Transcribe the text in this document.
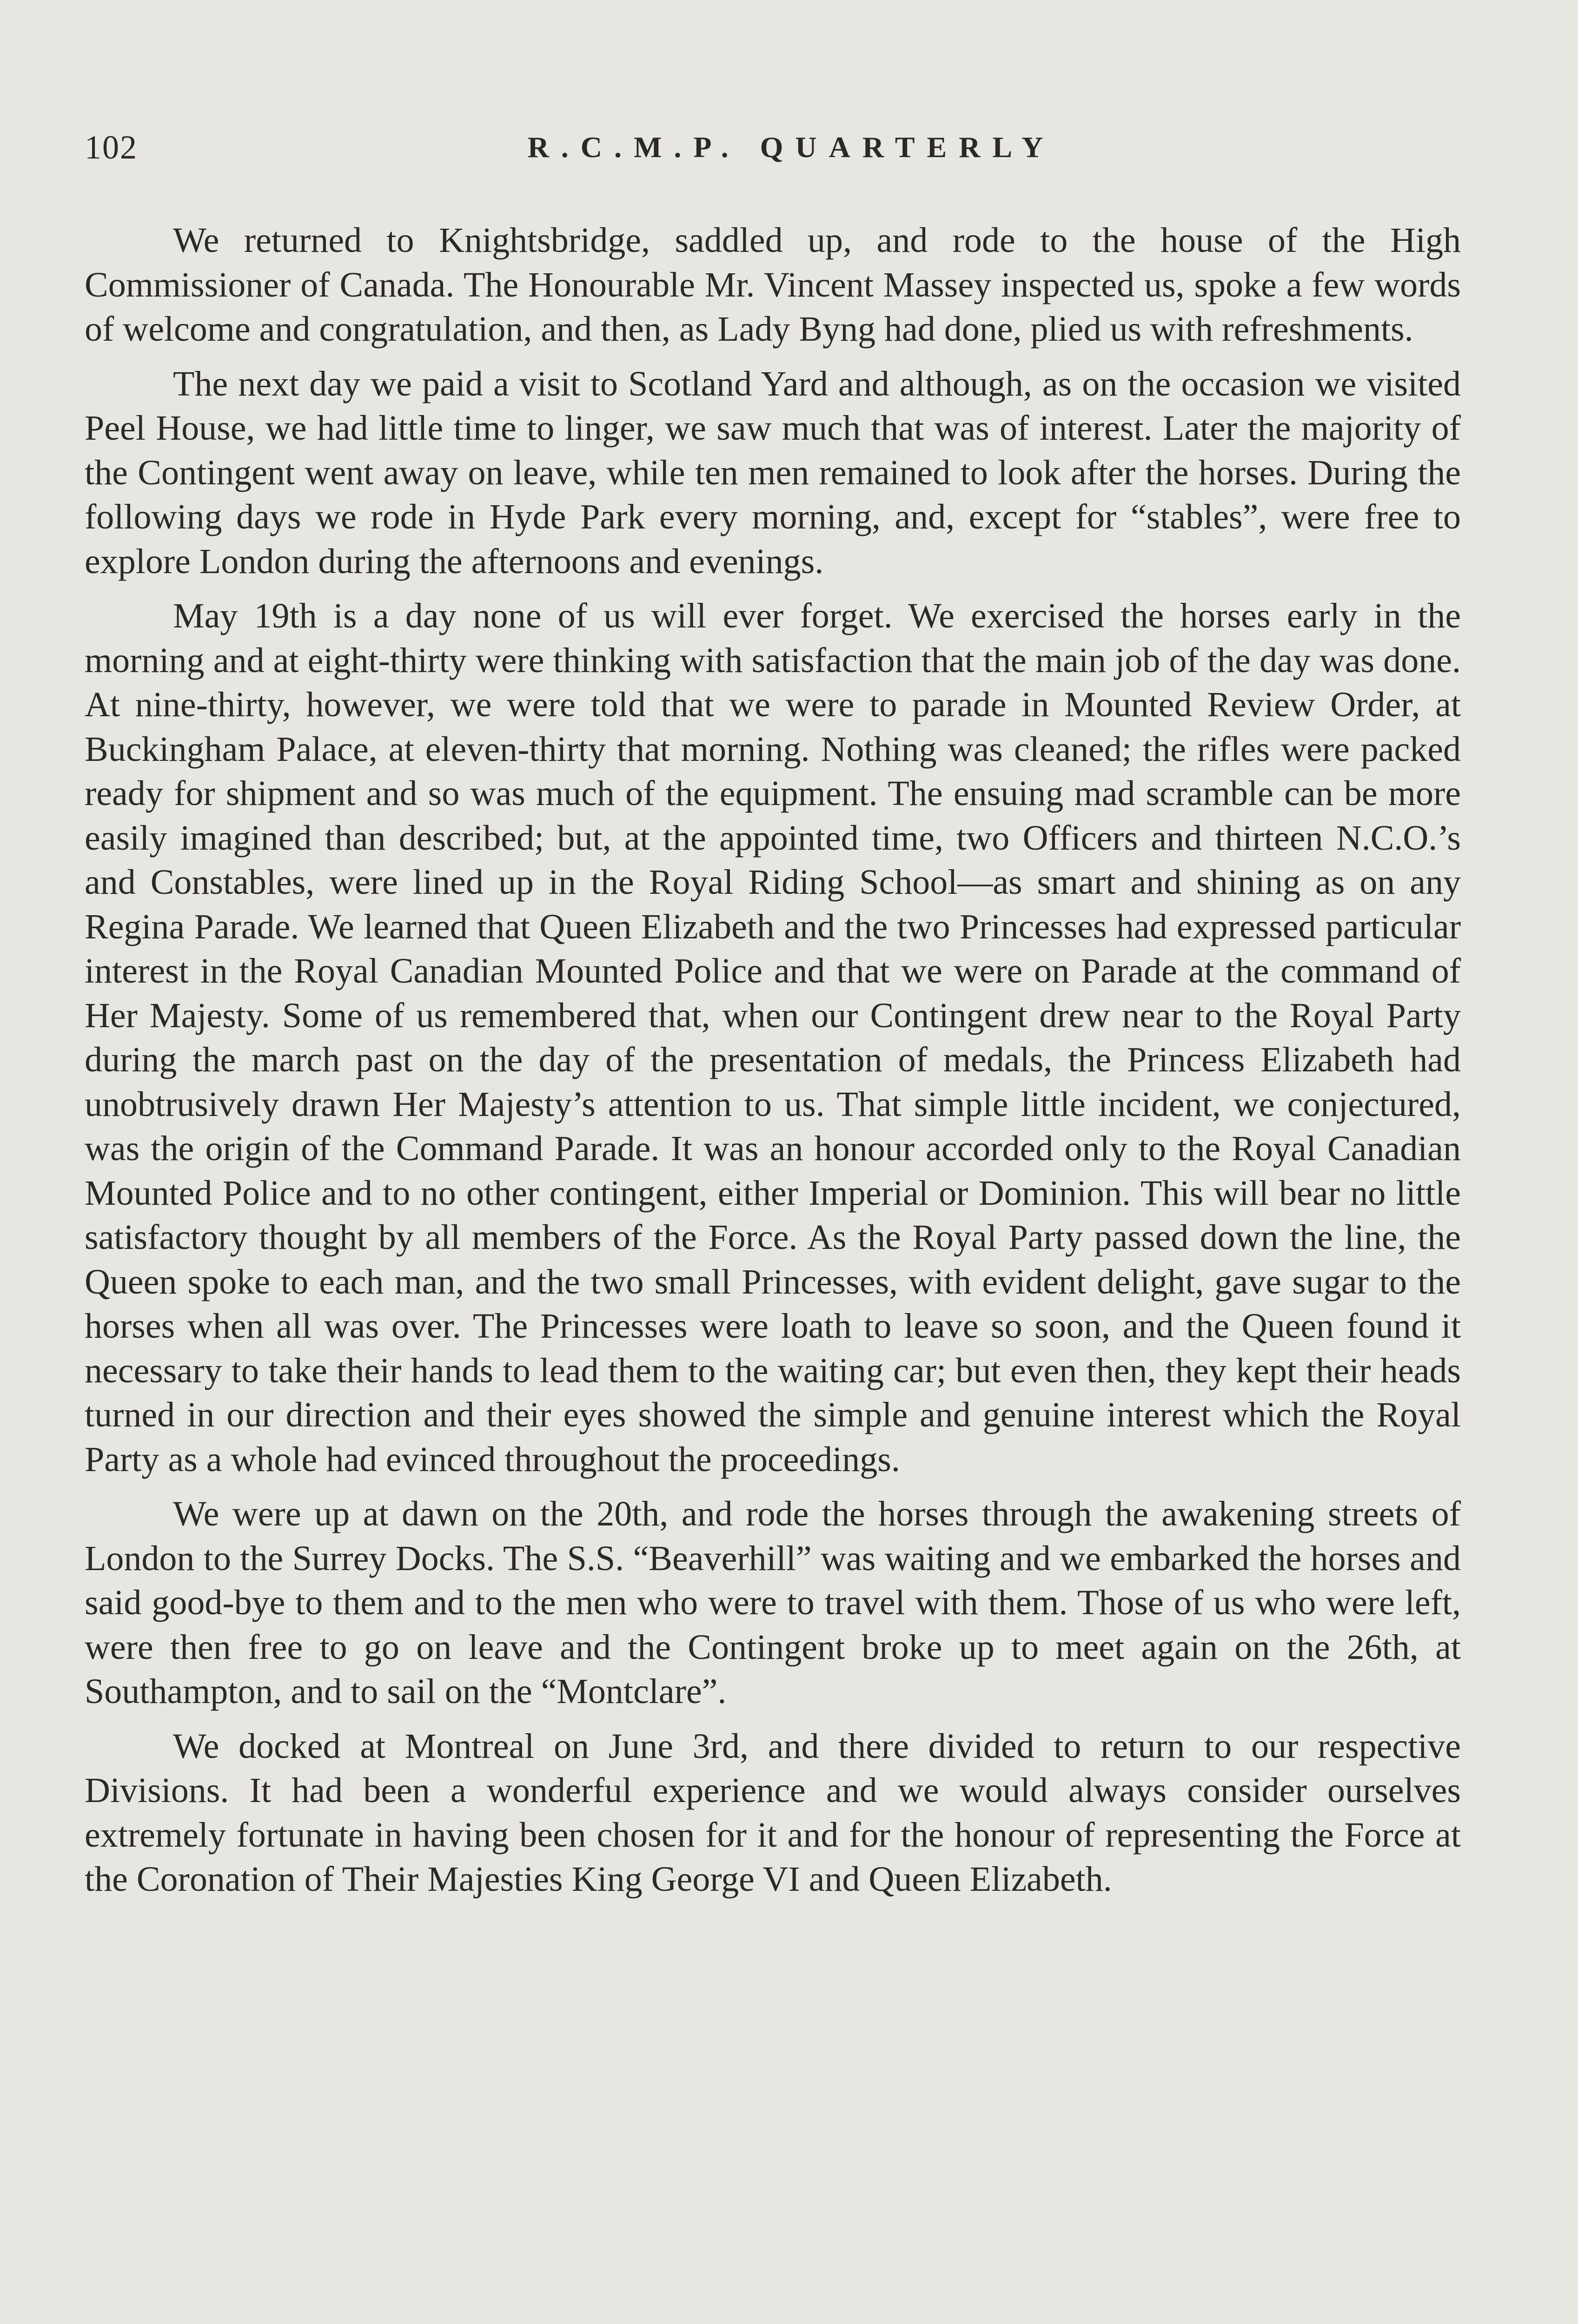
102	R.C.M.P. QUARTERLY

We returned to Knightsbridge, saddled up, and rode to the house of the High Commissioner of Canada. The Honourable Mr. Vincent Massey inspected us, spoke a few words of welcome and congratulation, and then, as Lady Byng had done, plied us with refreshments.

The next day we paid a visit to Scotland Yard and although, as on the occasion we visited Peel House, we had little time to linger, we saw much that was of interest. Later the majority of the Contingent went away on leave, while ten men remained to look after the horses. During the following days we rode in Hyde Park every morning, and, except for “stables”, were free to explore London during the afternoons and evenings.

May 19th is a day none of us will ever forget. We exercised the horses early in the morning and at eight-thirty were thinking with satisfaction that the main job of the day was done. At nine-thirty, however, we were told that we were to parade in Mounted Review Order, at Buckingham Palace, at eleven-thirty that morning. Nothing was cleaned; the rifles were packed ready for shipment and so was much of the equipment. The ensuing mad scramble can be more easily imagined than described; but, at the appointed time, two Officers and thirteen N.C.O.’s and Constables, were lined up in the Royal Riding School—as smart and shining as on any Regina Parade. We learned that Queen Elizabeth and the two Princesses had expressed particular interest in the Royal Canadian Mounted Police and that we were on Parade at the command of Her Majesty. Some of us remembered that, when our Contingent drew near to the Royal Party during the march past on the day of the presentation of medals, the Princess Elizabeth had unobtrusively drawn Her Majesty’s attention to us. That simple little incident, we conjectured, was the origin of the Command Parade. It was an honour accorded only to the Royal Canadian Mounted Police and to no other contingent, either Imperial or Dominion. This will bear no little satisfactory thought by all members of the Force. As the Royal Party passed down the line, the Queen spoke to each man, and the two small Princesses, with evident delight, gave sugar to the horses when all was over. The Princesses were loath to leave so soon, and the Queen found it necessary to take their hands to lead them to the waiting car; but even then, they kept their heads turned in our direction and their eyes showed the simple and genuine interest which the Royal Party as a whole had evinced throughout the proceedings.

We were up at dawn on the 20th, and rode the horses through the awakening streets of London to the Surrey Docks. The S.S. “Beaverhill” was waiting and we embarked the horses and said good-bye to them and to the men who were to travel with them. Those of us who were left, were then free to go on leave and the Contingent broke up to meet again on the 26th, at Southampton, and to sail on the “Montclare”.

We docked at Montreal on June 3rd, and there divided to return to our respective Divisions. It had been a wonderful experience and we would always consider ourselves extremely fortunate in having been chosen for it and for the honour of representing the Force at the Coronation of Their Majesties King George VI and Queen Elizabeth.
